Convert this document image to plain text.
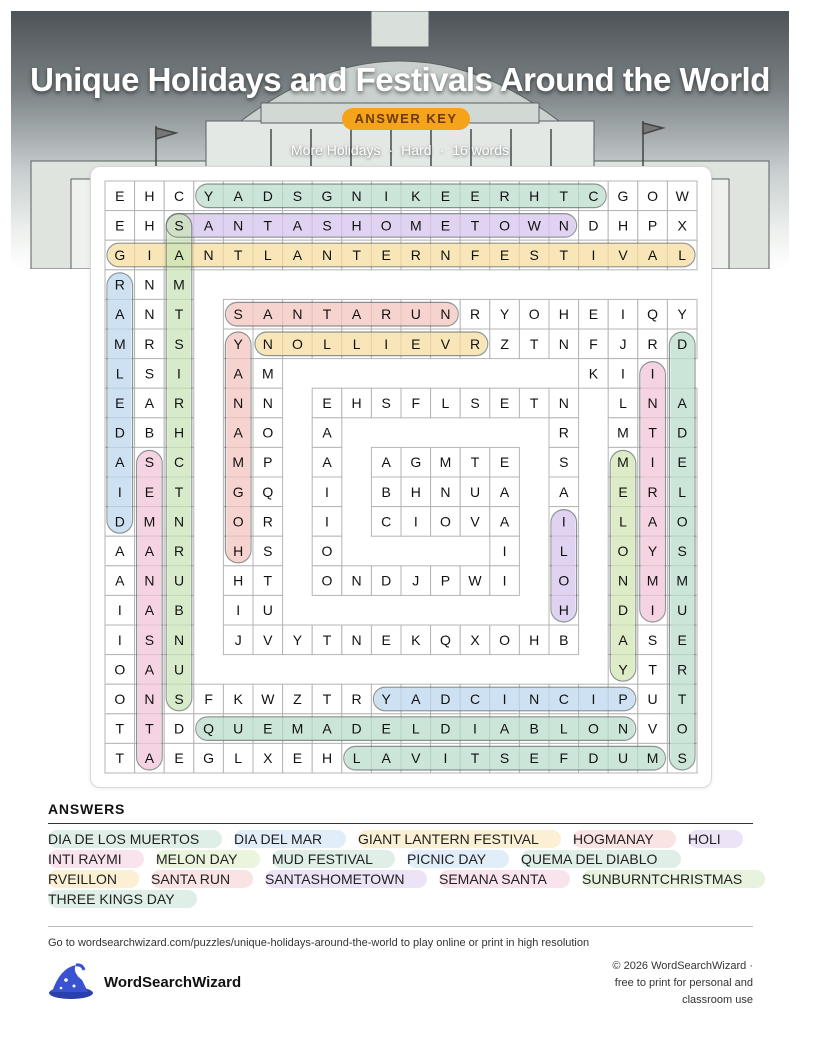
Unique Holidays and Festivals Around the World
ANSWER KEY
More Holidays · Hard · 16 words
E H C Y A D S G N I K E E R H T C G O W
E H S A N T A S H O M E T O W N D H P X
G I A N T L A N T E R N F E S T I V A L
R N M
A N T	S A N T A R U N R Y O H E I Q Y
M R S	Y N O L L I E V R Z T N F J R D
L S I	A M	K I I
E A R	N N	E H S F L S E T N	L N A
D B H	A O	A	R	M T D
A S C	M P	A	A G M T E	S	M I E
I E T	G Q	I	B H N U A	A	E R L
D M N	O R	I	C I O V A	I	L A O
A A R	H S	O	I	L	O Y S
A N U	H T	O N D J P W I	O	N M M
I A B	I U	H	D I U
I S N	J V Y T N E K Q X O H B	A S E
O A U	Y T R
O N S F K W Z T R Y A D C I N C I P U T
T T D Q U E M A D E L D I A B L O N V O
T A E G L X E H L A V I T S E F D U M S
ANSWERS
DIA DE LOS MUERTOS DIA DEL MAR	GIANT LANTERN FESTIVAL HOGMANAY HOLI
INTI RAYMI MELON DAY MUD FESTIVAL PICNIC DAY QUEMA DEL DIABLO
RVEILLON SANTA RUN SANTASHOMETOWN SEMANA SANTA	SUNBURNTCHRISTMAS
THREE KINGS DAY
Go to wordsearchwizard.com/puzzles/unique-holidays-around-the-world to play online or print in high resolution
WordSearchWizard
© 2026 WordSearchWizard ·
free to print for personal and
classroom use
